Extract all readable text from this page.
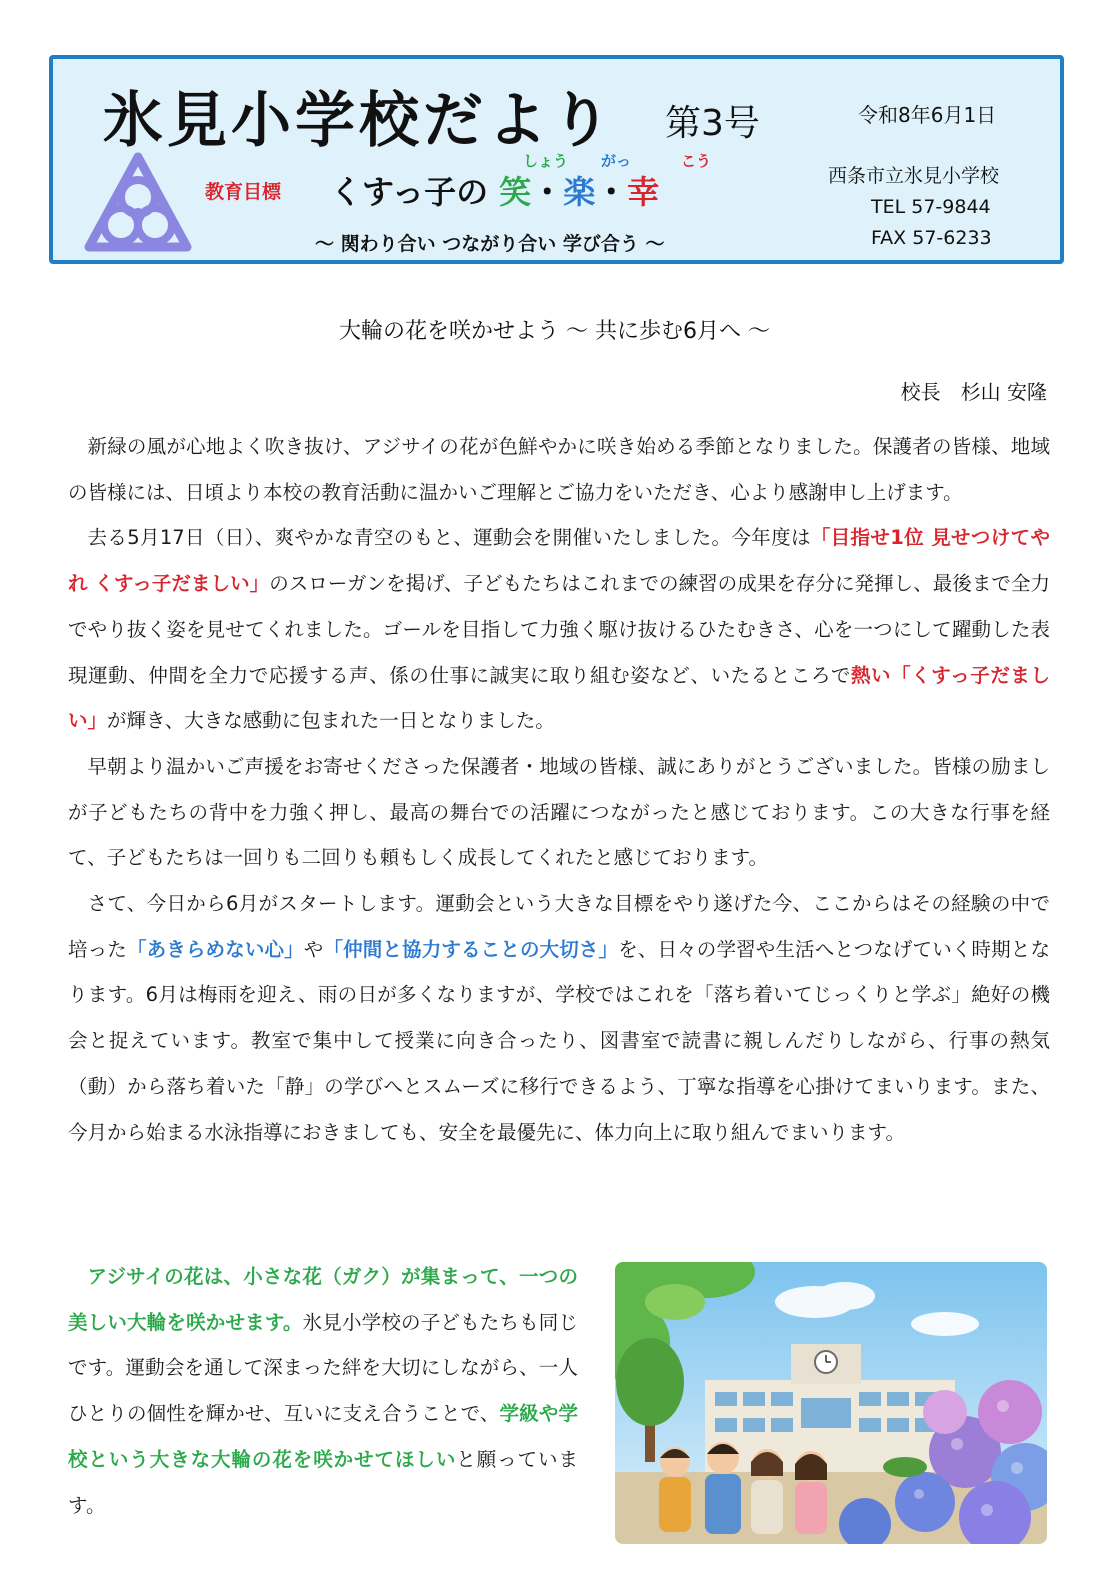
氷見小学校だより 第3号	令和8年6月1日
教育目標
しょう がっ	こう
くすっ子の 笑・楽・幸
～ 関わり合い つながり合い 学び合う ～
西条市立氷見小学校
TEL 57-9844
FAX 57-6233
大輪の花を咲かせよう ～ 共に歩む6月へ ～
校長　杉山 安隆

新緑の風が心地よく吹き抜け、アジサイの花が色鮮やかに咲き始める季節となりました。保護者の皆様、地域の皆様には、日頃より本校の教育活動に温かいご理解とご協力をいただき、心より感謝申し上げます。

去る5月17日（日）、爽やかな青空のもと、運動会を開催いたしました。今年度は「目指せ1位 見せつけてやれ くすっ子だましい」のスローガンを掲げ、子どもたちはこれまでの練習の成果を存分に発揮し、最後まで全力でやり抜く姿を見せてくれました。ゴールを目指して力強く駆け抜けるひたむきさ、心を一つにして躍動した表現運動、仲間を全力で応援する声、係の仕事に誠実に取り組む姿など、いたるところで熱い「くすっ子だましい」が輝き、大きな感動に包まれた一日となりました。

早朝より温かいご声援をお寄せくださった保護者・地域の皆様、誠にありがとうございました。皆様の励ましが子どもたちの背中を力強く押し、最高の舞台での活躍につながったと感じております。この大きな行事を経て、子どもたちは一回りも二回りも頼もしく成長してくれたと感じております。

さて、今日から6月がスタートします。運動会という大きな目標をやり遂げた今、ここからはその経験の中で培った「あきらめない心」や「仲間と協力することの大切さ」を、日々の学習や生活へとつなげていく時期となります。6月は梅雨を迎え、雨の日が多くなりますが、学校ではこれを「落ち着いてじっくりと学ぶ」絶好の機会と捉えています。教室で集中して授業に向き合ったり、図書室で読書に親しんだりしながら、行事の熱気（動）から落ち着いた「静」の学びへとスムーズに移行できるよう、丁寧な指導を心掛けてまいります。また、今月から始まる水泳指導におきましても、安全を最優先に、体力向上に取り組んでまいります。

アジサイの花は、小さな花（ガク）が集まって、一つの美しい大輪を咲かせます。氷見小学校の子どもたちも同じです。運動会を通して深まった絆を大切にしながら、一人ひとりの個性を輝かせ、互いに支え合うことで、学級や学校という大きな大輪の花を咲かせてほしいと願っています。
